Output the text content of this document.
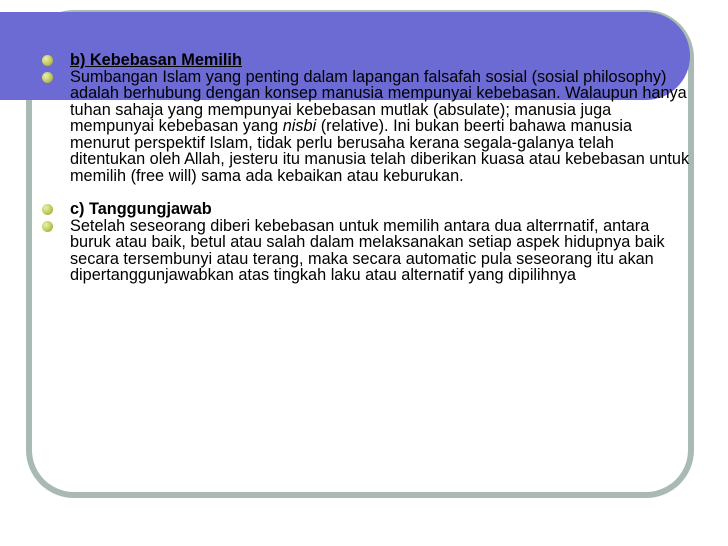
b) Kebebasan Memilih

Sumbangan Islam yang penting dalam lapangan falsafah sosial (sosial philosophy) adalah berhubung dengan konsep manusia mempunyai kebebasan. Walaupun hanya tuhan sahaja yang mempunyai kebebasan mutlak (absulate); manusia juga mempunyai kebebasan yang nisbi (relative). Ini bukan beerti bahawa manusia menurut perspektif Islam, tidak perlu berusaha kerana segala-galanya telah ditentukan oleh Allah, jesteru itu manusia telah diberikan kuasa atau kebebasan untuk memilih (free will) sama ada kebaikan atau keburukan.

c) Tanggungjawab

Setelah seseorang diberi kebebasan untuk memilih antara dua alterrnatif, antara buruk atau baik, betul atau salah dalam melaksanakan setiap aspek hidupnya baik secara tersembunyi atau terang, maka secara automatic pula seseorang itu akan dipertanggunjawabkan atas tingkah laku atau alternatif yang dipilihnya
